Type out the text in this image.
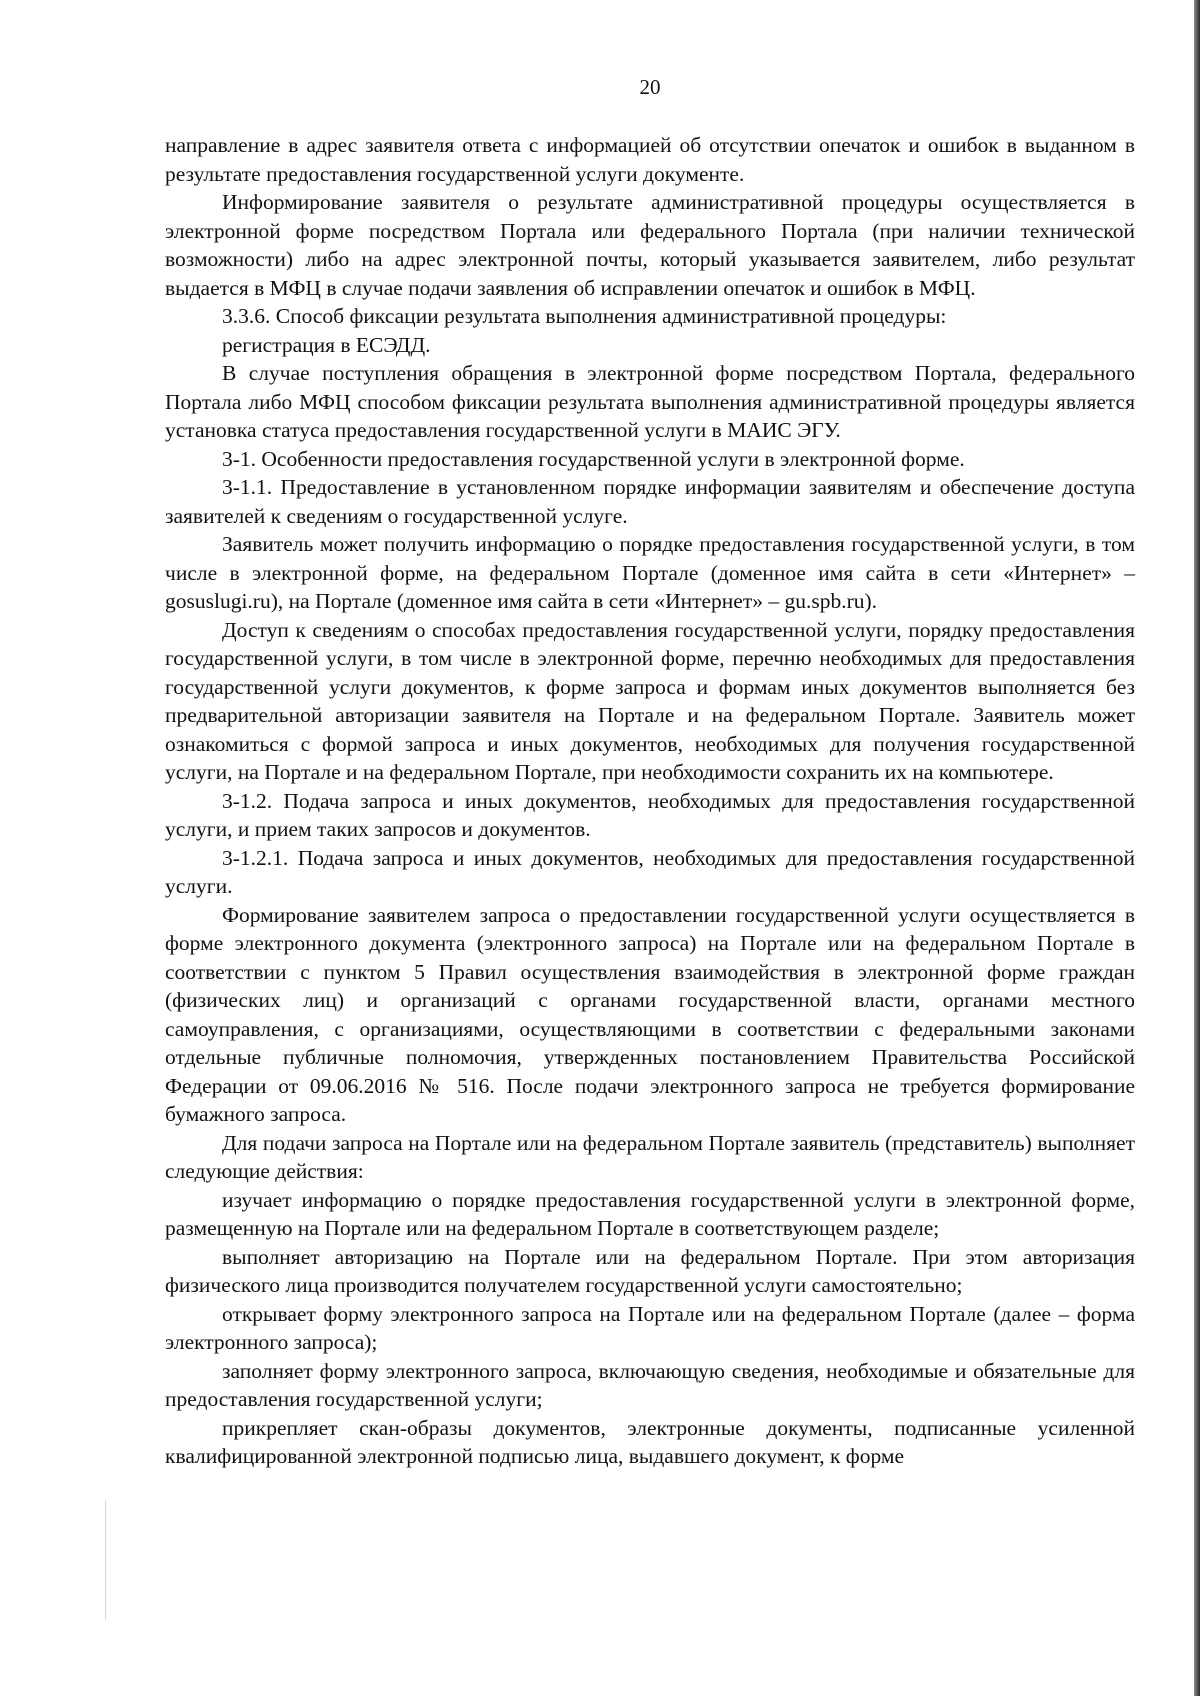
20

направление в адрес заявителя ответа с информацией об отсутствии опечаток и ошибок в выданном в результате предоставления государственной услуги документе.

Информирование заявителя о результате административной процедуры осуществляется в электронной форме посредством Портала или федерального Портала (при наличии технической возможности) либо на адрес электронной почты, который указывается заявителем, либо результат выдается в МФЦ в случае подачи заявления об исправлении опечаток и ошибок в МФЦ.

3.3.6. Способ фиксации результата выполнения административной процедуры:

регистрация в ЕСЭДД.

В случае поступления обращения в электронной форме посредством Портала, федерального Портала либо МФЦ способом фиксации результата выполнения административной процедуры является установка статуса предоставления государственной услуги в МАИС ЭГУ.

3-1. Особенности предоставления государственной услуги в электронной форме.

3-1.1. Предоставление в установленном порядке информации заявителям и обеспечение доступа заявителей к сведениям о государственной услуге.

Заявитель может получить информацию о порядке предоставления государственной услуги, в том числе в электронной форме, на федеральном Портале (доменное имя сайта в сети «Интернет» – gosuslugi.ru), на Портале (доменное имя сайта в сети «Интернет» – gu.spb.ru).

Доступ к сведениям о способах предоставления государственной услуги, порядку предоставления государственной услуги, в том числе в электронной форме, перечню необходимых для предоставления государственной услуги документов, к форме запроса и формам иных документов выполняется без предварительной авторизации заявителя на Портале и на федеральном Портале. Заявитель может ознакомиться с формой запроса и иных документов, необходимых для получения государственной услуги, на Портале и на федеральном Портале, при необходимости сохранить их на компьютере.

3-1.2. Подача запроса и иных документов, необходимых для предоставления государственной услуги, и прием таких запросов и документов.

3-1.2.1. Подача запроса и иных документов, необходимых для предоставления государственной услуги.

Формирование заявителем запроса о предоставлении государственной услуги осуществляется в форме электронного документа (электронного запроса) на Портале или на федеральном Портале в соответствии с пунктом 5 Правил осуществления взаимодействия в электронной форме граждан (физических лиц) и организаций с органами государственной власти, органами местного самоуправления, с организациями, осуществляющими в соответствии с федеральными законами отдельные публичные полномочия, утвержденных постановлением Правительства Российской Федерации от 09.06.2016 № 516. После подачи электронного запроса не требуется формирование бумажного запроса.

Для подачи запроса на Портале или на федеральном Портале заявитель (представитель) выполняет следующие действия:

изучает информацию о порядке предоставления государственной услуги в электронной форме, размещенную на Портале или на федеральном Портале в соответствующем разделе;

выполняет авторизацию на Портале или на федеральном Портале. При этом авторизация физического лица производится получателем государственной услуги самостоятельно;

открывает форму электронного запроса на Портале или на федеральном Портале (далее – форма электронного запроса);

заполняет форму электронного запроса, включающую сведения, необходимые и обязательные для предоставления государственной услуги;

прикрепляет скан-образы документов, электронные документы, подписанные усиленной квалифицированной электронной подписью лица, выдавшего документ, к форме
